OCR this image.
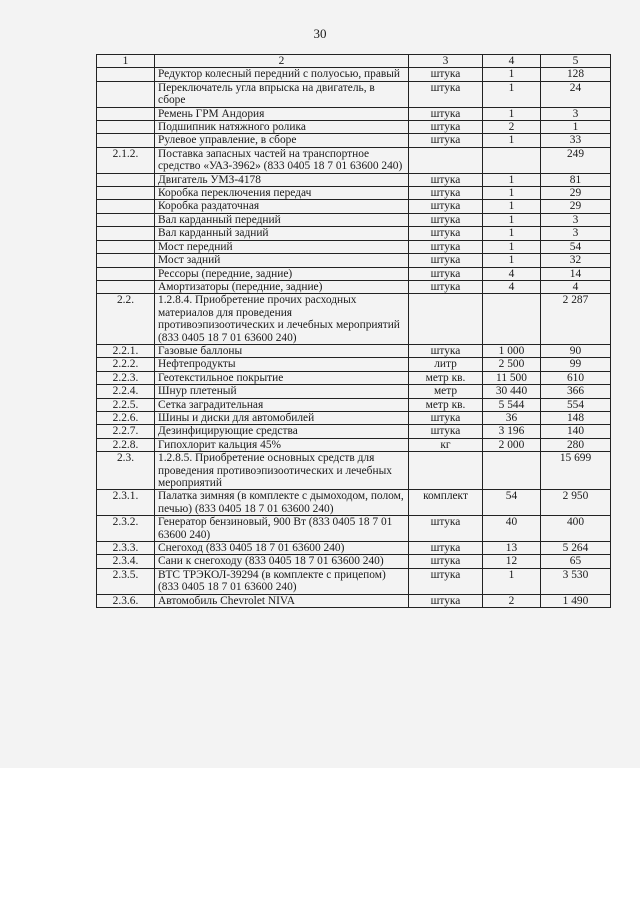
30
1	2	3	4	5
	Редуктор колесный передний с полуосью, правый	штука	1	128
	Переключатель угла впрыска на двигатель, в сборе	штука	1	24
	Ремень ГРМ Андория	штука	1	3
	Подшипник натяжного ролика	штука	2	1
	Рулевое управление, в сборе	штука	1	33
2.1.2.	Поставка запасных частей на транспортное средство «УАЗ-3962» (833 0405 18 7 01 63600 240)			249
	Двигатель УМЗ-4178	штука	1	81
	Коробка переключения передач	штука	1	29
	Коробка раздаточная	штука	1	29
	Вал карданный передний	штука	1	3
	Вал карданный задний	штука	1	3
	Мост передний	штука	1	54
	Мост задний	штука	1	32
	Рессоры (передние, задние)	штука	4	14
	Амортизаторы (передние, задние)	штука	4	4
2.2.	1.2.8.4. Приобретение прочих расходных материалов для проведения противоэпизоотических и лечебных мероприятий (833 0405 18 7 01 63600 240)			2 287
2.2.1.	Газовые баллоны	штука	1 000	90
2.2.2.	Нефтепродукты	литр	2 500	99
2.2.3.	Геотекстильное покрытие	метр кв.	11 500	610
2.2.4.	Шнур плетеный	метр	30 440	366
2.2.5.	Сетка заградительная	метр кв.	5 544	554
2.2.6.	Шины и диски для автомобилей	штука	36	148
2.2.7.	Дезинфицирующие средства	штука	3 196	140
2.2.8.	Гипохлорит кальция 45%	кг	2 000	280
2.3.	1.2.8.5. Приобретение основных средств для проведения противоэпизоотических и лечебных мероприятий			15 699
2.3.1.	Палатка зимняя (в комплекте с дымоходом, полом, печью) (833 0405 18 7 01 63600 240)	комплект	54	2 950
2.3.2.	Генератор бензиновый, 900 Вт (833 0405 18 7 01 63600 240)	штука	40	400
2.3.3.	Снегоход (833 0405 18 7 01 63600 240)	штука	13	5 264
2.3.4.	Сани к снегоходу (833 0405 18 7 01 63600 240)	штука	12	65
2.3.5.	ВТС ТРЭКОЛ-39294 (в комплекте с прицепом) (833 0405 18 7 01 63600 240)	штука	1	3 530
2.3.6.	Автомобиль Chevrolet NIVA	штука	2	1 490
